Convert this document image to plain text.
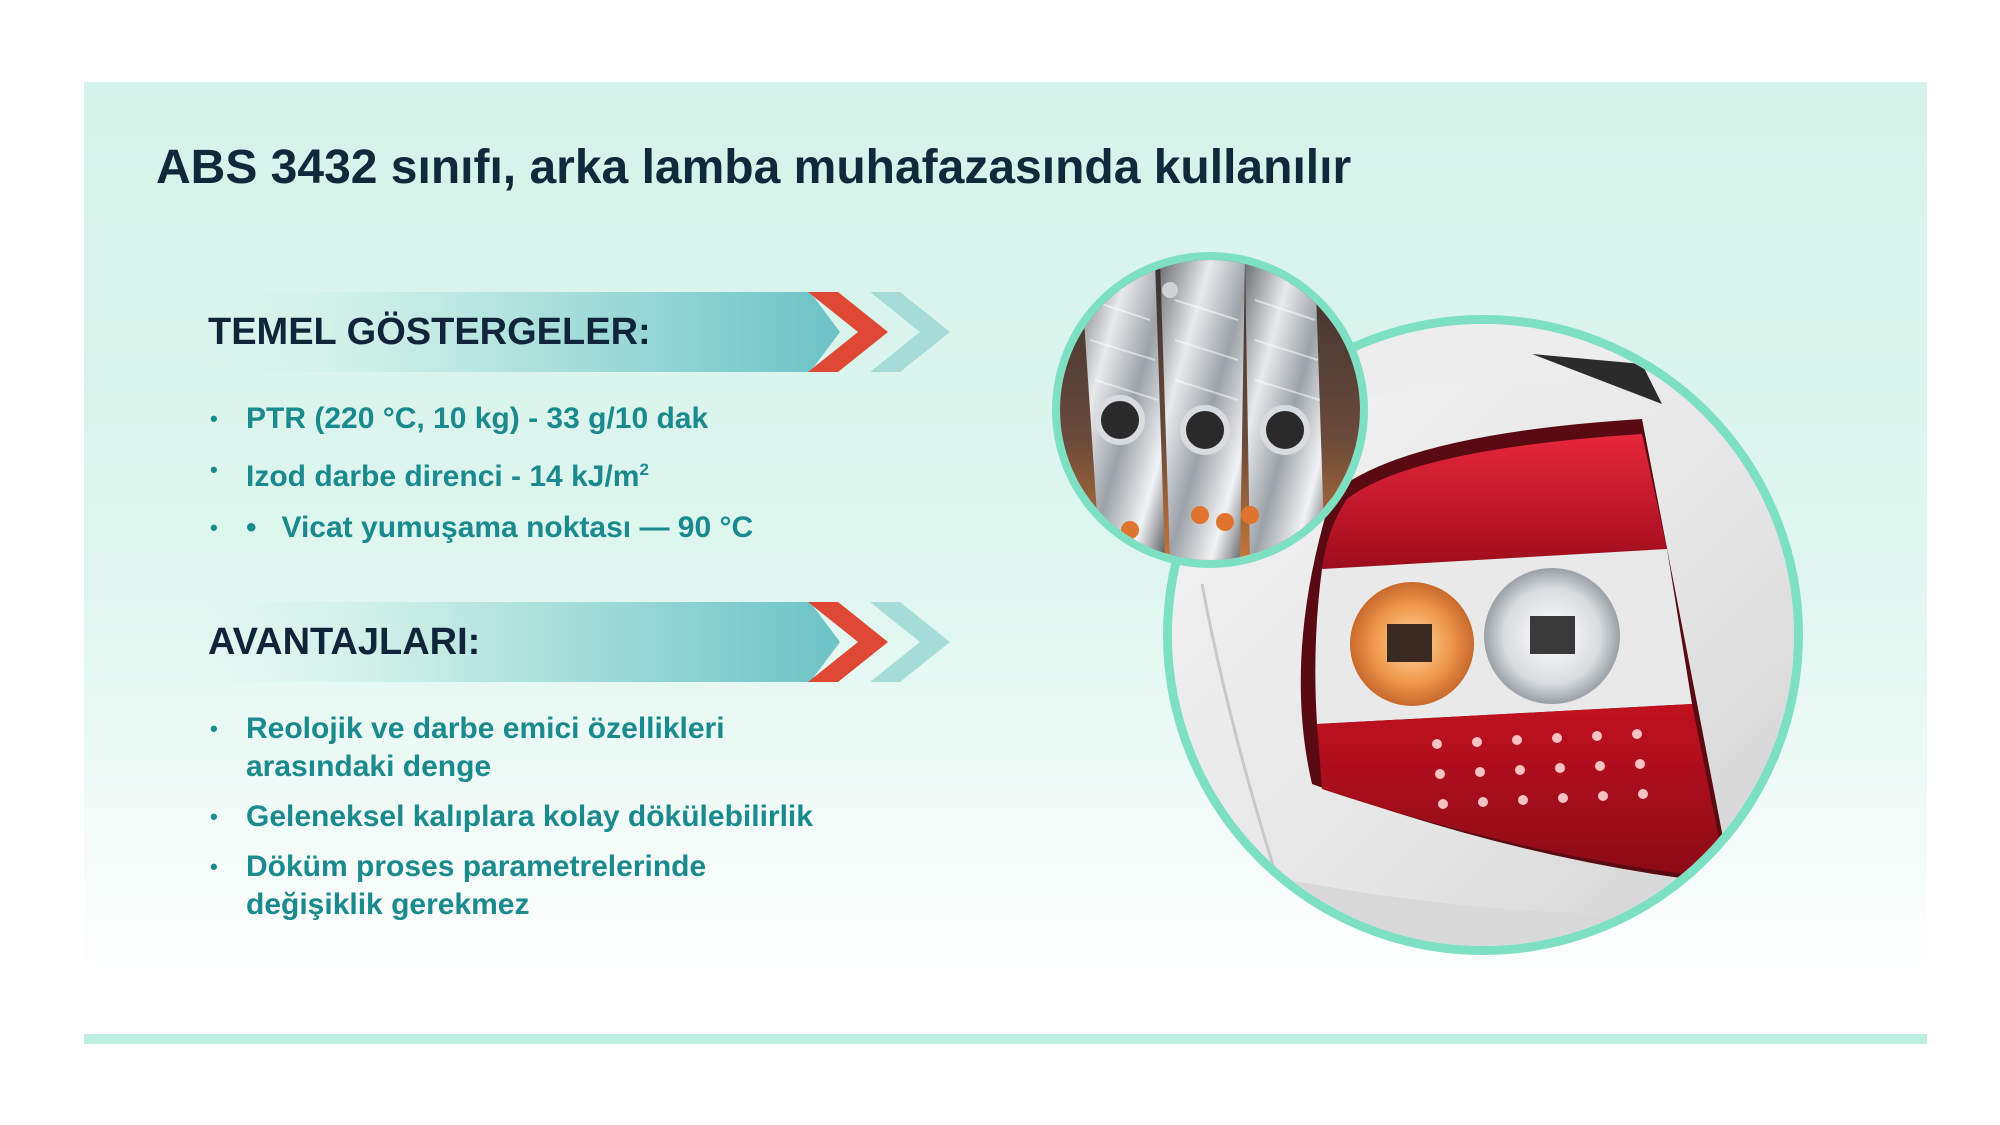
ABS 3432 sınıfı, arka lamba muhafazasında kullanılır
TEMEL GÖSTERGELER:
• PTR (220 °C, 10 kg) - 33 g/10 dak
• Izod darbe direnci - 14 $kJ/m^2$
• •   Vicat yumuşama noktası — 90 °C
AVANTAJLARI:
• Reolojik ve darbe emici özellikleri
arasındaki denge
• Geleneksel kalıplara kolay dökülebilirlik
• Döküm proses parametrelerinde
değişiklik gerekmez
